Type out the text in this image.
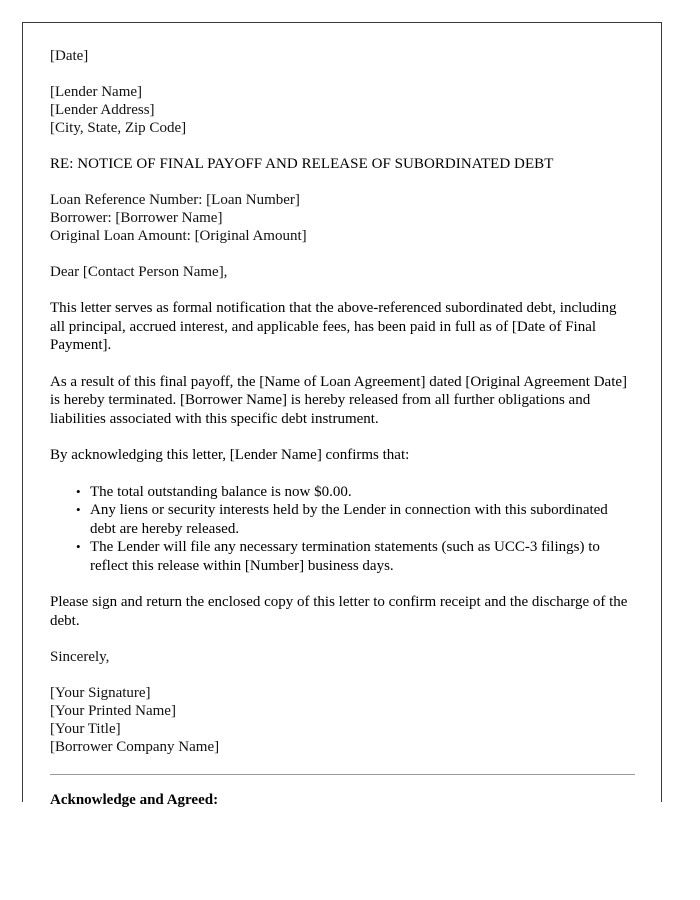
[Date]

[Lender Name]
[Lender Address]
[City, State, Zip Code]

RE: NOTICE OF FINAL PAYOFF AND RELEASE OF SUBORDINATED DEBT

Loan Reference Number: [Loan Number]
Borrower: [Borrower Name]
Original Loan Amount: [Original Amount]

Dear [Contact Person Name],

This letter serves as formal notification that the above-referenced subordinated debt, including all principal, accrued interest, and applicable fees, has been paid in full as of [Date of Final Payment].

As a result of this final payoff, the [Name of Loan Agreement] dated [Original Agreement Date] is hereby terminated. [Borrower Name] is hereby released from all further obligations and liabilities associated with this specific debt instrument.

By acknowledging this letter, [Lender Name] confirms that:

• The total outstanding balance is now $0.00.
• Any liens or security interests held by the Lender in connection with this subordinated debt are hereby released.
• The Lender will file any necessary termination statements (such as UCC-3 filings) to reflect this release within [Number] business days.

Please sign and return the enclosed copy of this letter to confirm receipt and the discharge of the debt.

Sincerely,

[Your Signature]
[Your Printed Name]
[Your Title]
[Borrower Company Name]

Acknowledge and Agreed:
